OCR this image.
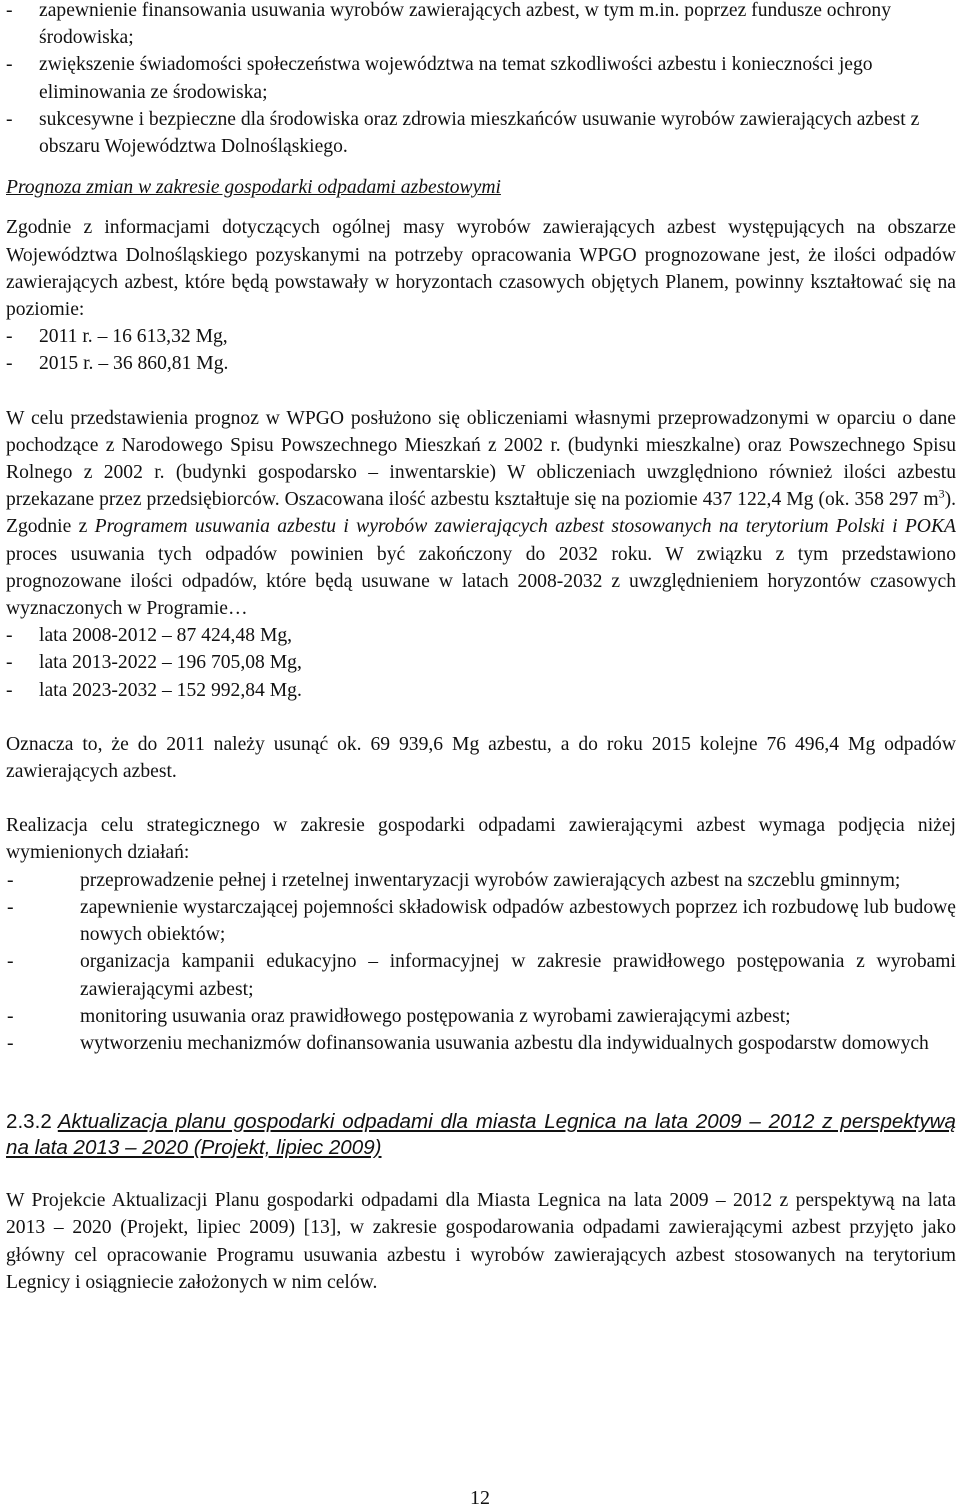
- zapewnienie finansowania usuwania wyrobów zawierających azbest, w tym m.in. poprzez fundusze ochrony środowiska;
- zwiększenie świadomości społeczeństwa województwa na temat szkodliwości azbestu i konieczności jego eliminowania ze środowiska;
- sukcesywne i bezpieczne dla środowiska oraz zdrowia mieszkańców usuwanie wyrobów zawierających azbest z obszaru Województwa Dolnośląskiego.

Prognoza zmian w zakresie gospodarki odpadami azbestowymi

Zgodnie z informacjami dotyczących ogólnej masy wyrobów zawierających azbest występujących na obszarze Województwa Dolnośląskiego pozyskanymi na potrzeby opracowania WPGO prognozowane jest, że ilości odpadów zawierających azbest, które będą powstawały w horyzontach czasowych objętych Planem, powinny kształtować się na poziomie:

- 2011 r. – 16 613,32 Mg,
- 2015 r. – 36 860,81 Mg.

W celu przedstawienia prognoz w WPGO posłużono się obliczeniami własnymi przeprowadzonymi w oparciu o dane pochodzące z Narodowego Spisu Powszechnego Mieszkań z 2002 r. (budynki mieszkalne) oraz Powszechnego Spisu Rolnego z 2002 r. (budynki gospodarsko – inwentarskie) W obliczeniach uwzględniono również ilości azbestu przekazane przez przedsiębiorców. Oszacowana ilość azbestu kształtuje się na poziomie 437 122,4 Mg (ok. 358 297 $m^3$). Zgodnie z Programem usuwania azbestu i wyrobów zawierających azbest stosowanych na terytorium Polski i POKA proces usuwania tych odpadów powinien być zakończony do 2032 roku. W związku z tym przedstawiono prognozowane ilości odpadów, które będą usuwane w latach 2008-2032 z uwzględnieniem horyzontów czasowych wyznaczonych w Programie…

- lata 2008-2012 – 87 424,48 Mg,
- lata 2013-2022 – 196 705,08 Mg,
- lata 2023-2032 – 152 992,84 Mg.

Oznacza to, że do 2011 należy usunąć ok. 69 939,6 Mg azbestu, a do roku 2015 kolejne 76 496,4 Mg odpadów zawierających azbest.

Realizacja celu strategicznego w zakresie gospodarki odpadami zawierającymi azbest wymaga podjęcia niżej wymienionych działań:

- przeprowadzenie pełnej i rzetelnej inwentaryzacji wyrobów zawierających azbest na szczeblu gminnym;
- zapewnienie wystarczającej pojemności składowisk odpadów azbestowych poprzez ich rozbudowę lub budowę nowych obiektów;
- organizacja kampanii edukacyjno – informacyjnej w zakresie prawidłowego postępowania z wyrobami zawierającymi azbest;
- monitoring usuwania oraz prawidłowego postępowania z wyrobami zawierającymi azbest;
- wytworzeniu mechanizmów dofinansowania usuwania azbestu dla indywidualnych gospodarstw domowych

2.3.2 Aktualizacja planu gospodarki odpadami dla miasta Legnica na lata 2009 – 2012 z perspektywą na lata 2013 – 2020 (Projekt, lipiec 2009)

W Projekcie Aktualizacji Planu gospodarki odpadami dla Miasta Legnica na lata 2009 – 2012 z perspektywą na lata 2013 – 2020 (Projekt, lipiec 2009) [13], w zakresie gospodarowania odpadami zawierającymi azbest przyjęto jako główny cel opracowanie Programu usuwania azbestu i wyrobów zawierających azbest stosowanych na terytorium Legnicy i osiągniecie założonych w nim celów.

12
